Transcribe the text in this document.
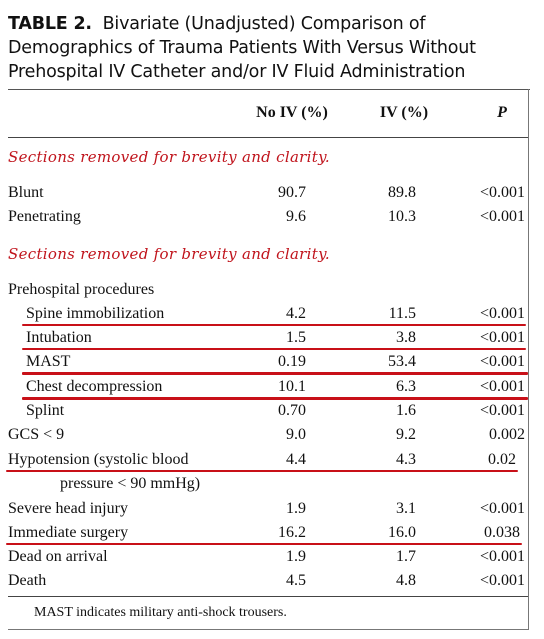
TABLE 2. Bivariate (Unadjusted) Comparison of
Demographics of Trauma Patients With Versus Without
Prehospital IV Catheter and/or IV Fluid Administration
No IV (%)	IV (%)	P
Sections removed for brevity and clarity.
Blunt	90.7	89.8	<0.001
Penetrating	9.6	10.3	<0.001
Sections removed for brevity and clarity.
Prehospital procedures
Spine immobilization	4.2	11.5	<0.001
Intubation	1.5	3.8	<0.001
MAST	0.19	53.4	<0.001
Chest decompression	10.1	6.3	<0.001
Splint	0.70	1.6	<0.001
GCS < 9	9.0	9.2	0.002
Hypotension (systolic blood	4.4	4.3	0.02
pressure < 90 mmHg)
Severe head injury	1.9	3.1	<0.001
Immediate surgery	16.2	16.0	0.038
Dead on arrival	1.9	1.7	<0.001
Death	4.5	4.8	<0.001
MAST indicates military anti-shock trousers.
